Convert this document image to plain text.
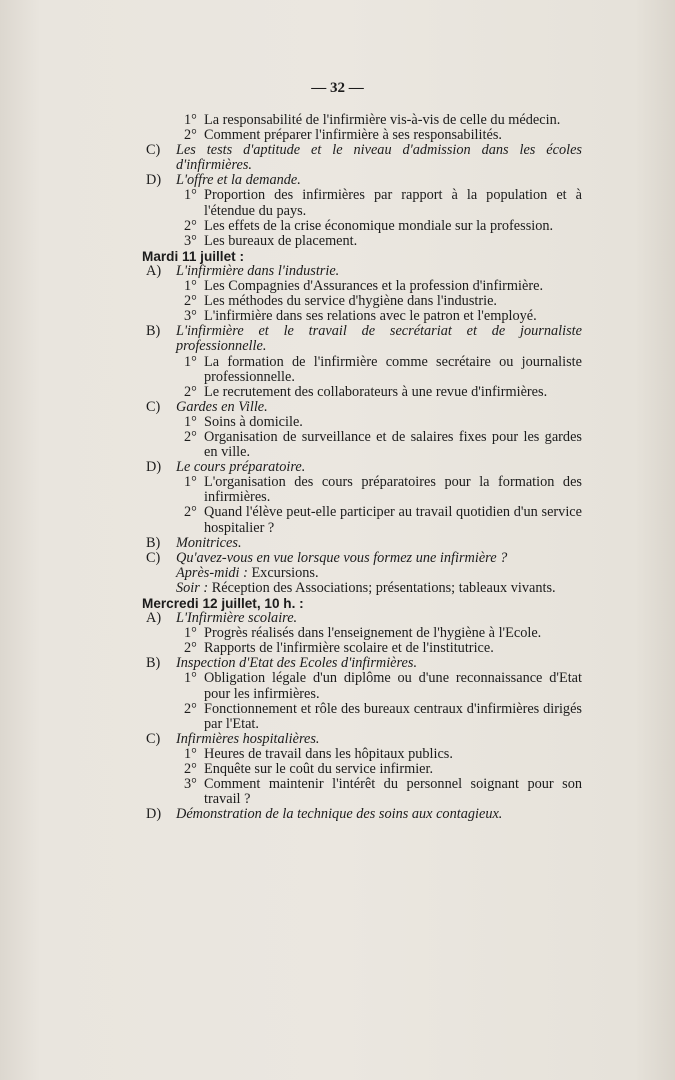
— 32 —
1° La responsabilité de l'infirmière vis-à-vis de celle du médecin.
2° Comment préparer l'infirmière à ses responsabilités.
C)	Les tests d'aptitude et le niveau d'admission dans les écoles d'infirmières.
D)	L'offre et la demande.
1° Proportion des infirmières par rapport à la population et à l'étendue du pays.
2° Les effets de la crise économique mondiale sur la profession.
3° Les bureaux de placement.
Mardi 11 juillet :
A)	L'infirmière dans l'industrie.
1° Les Compagnies d'Assurances et la profession d'infirmière.
2° Les méthodes du service d'hygiène dans l'industrie.
3° L'infirmière dans ses relations avec le patron et l'employé.
B)	L'infirmière et le travail de secrétariat et de journaliste professionnelle.
1° La formation de l'infirmière comme secrétaire ou journaliste professionnelle.
2° Le recrutement des collaborateurs à une revue d'infirmières.
C)	Gardes en Ville.
1° Soins à domicile.
2° Organisation de surveillance et de salaires fixes pour les gardes en ville.
D)	Le cours préparatoire.
1° L'organisation des cours préparatoires pour la formation des infirmières.
2° Quand l'élève peut-elle participer au travail quotidien d'un service hospitalier ?
B)	Monitrices.
C)	Qu'avez-vous en vue lorsque vous formez une infirmière ?
Après-midi : Excursions.
Soir : Réception des Associations; présentations; tableaux vivants.
Mercredi 12 juillet, 10 h. :
A)	L'Infirmière scolaire.
1° Progrès réalisés dans l'enseignement de l'hygiène à l'Ecole.
2° Rapports de l'infirmière scolaire et de l'institutrice.
B)	Inspection d'Etat des Ecoles d'infirmières.
1° Obligation légale d'un diplôme ou d'une reconnaissance d'Etat pour les infirmières.
2° Fonctionnement et rôle des bureaux centraux d'infirmières dirigés par l'Etat.
C)	Infirmières hospitalières.
1° Heures de travail dans les hôpitaux publics.
2° Enquête sur le coût du service infirmier.
3° Comment maintenir l'intérêt du personnel soignant pour son travail ?
D)	Démonstration de la technique des soins aux contagieux.
